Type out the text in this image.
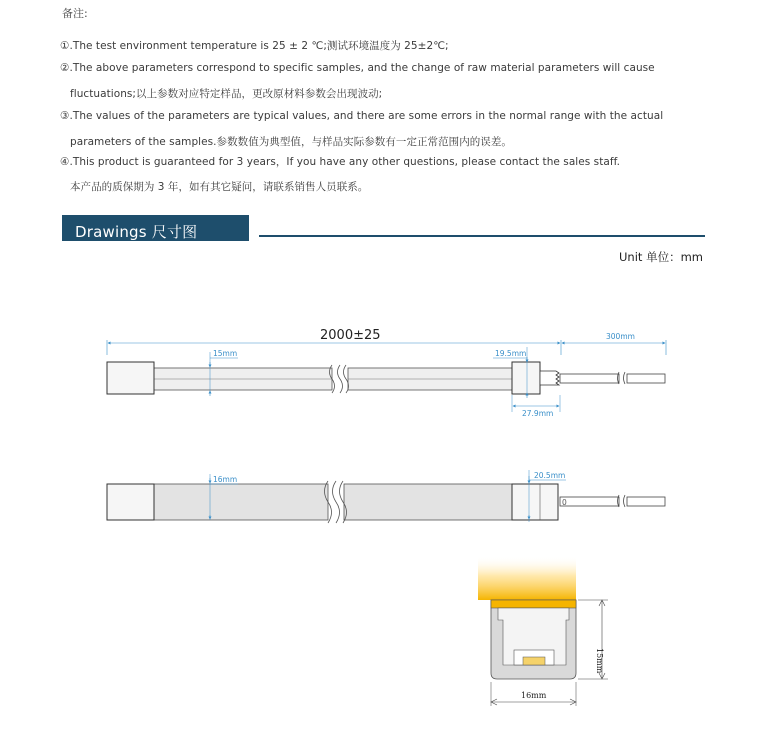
备注:
①.The test environment temperature is 25 ± 2 ℃;测试环境温度为 25±2℃;
②.The above parameters correspond to specific samples, and the change of raw material parameters will cause
fluctuations;以上参数对应特定样品，更改原材料参数会出现波动;
③.The values of the parameters are typical values, and there are some errors in the normal range with the actual
parameters of the samples.参数数值为典型值，与样品实际参数有一定正常范围内的误差。
④.This product is guaranteed for 3 years，If you have any other questions, please contact the sales staff.
本产品的质保期为 3 年，如有其它疑问，请联系销售人员联系。
Drawings 尺寸图
Unit 单位：mm
2000±25	300mm
15mm	19.5mm
27.9mm
0
16mm	20.5mm
15mm
16mm
